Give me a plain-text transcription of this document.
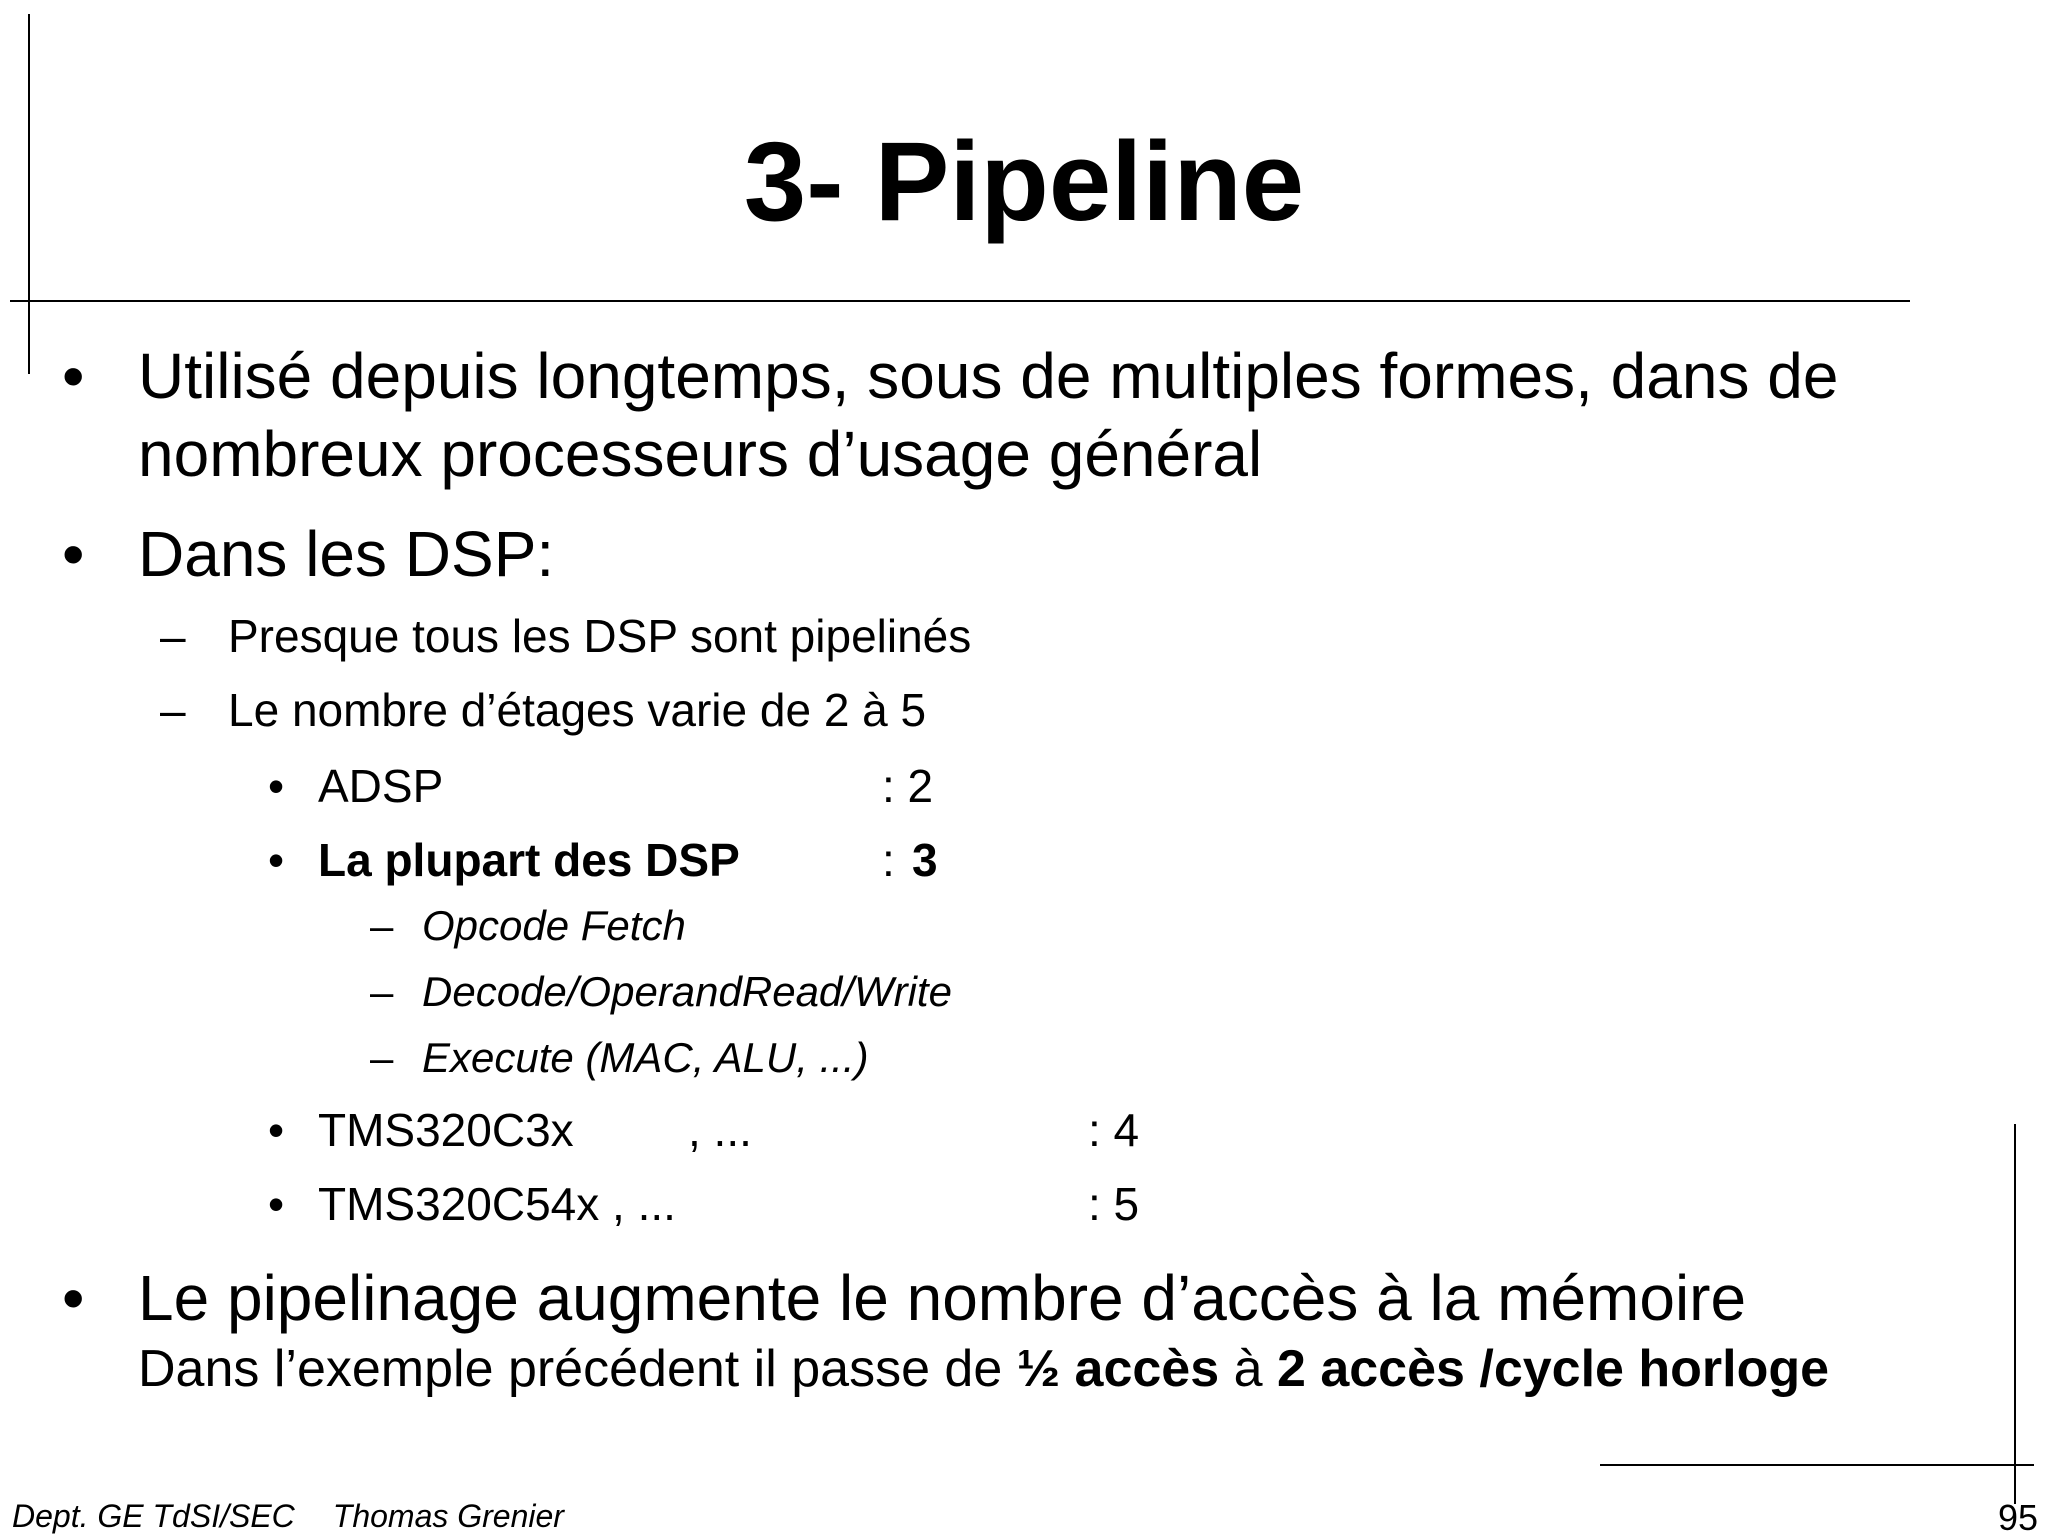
3- Pipeline
• Utilisé depuis longtemps, sous de multiples formes, dans de
nombreux processeurs d’usage général
• Dans les DSP:
– Presque tous les DSP sont pipelinés
– Le nombre d’étages varie de 2 à 5
• ADSP	: 2
• La plupart des DSP	: 3
– Opcode Fetch
– Decode/OperandRead/Write
– Execute (MAC, ALU, ...)
• TMS320C3x , ...	: 4
• TMS320C54x , ...	: 5
• Le pipelinage augmente le nombre d’accès à la mémoire
Dans l’exemple précédent il passe de ½ accès à 2 accès /cycle horloge
Dept. GE TdSI/SEC Thomas Grenier	95
